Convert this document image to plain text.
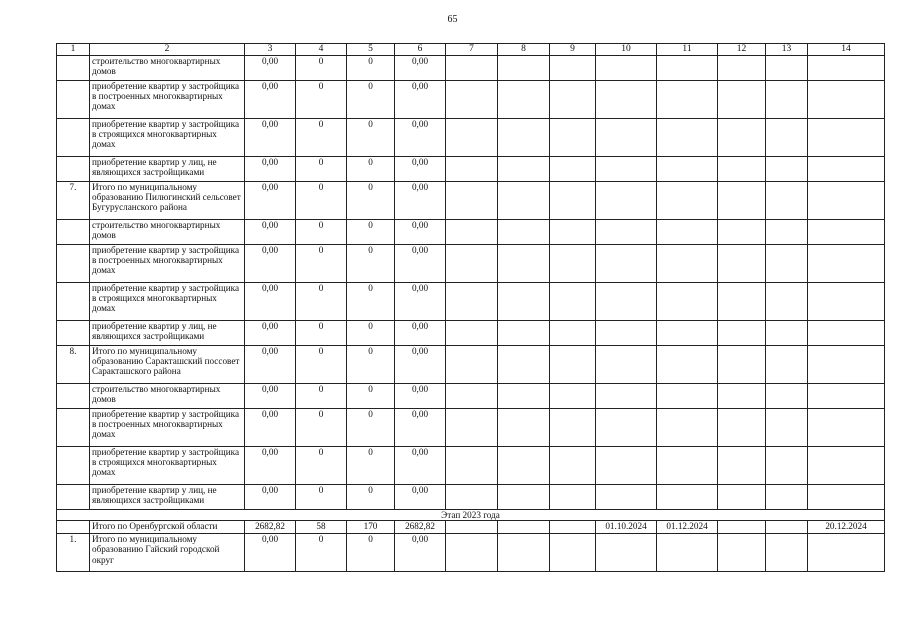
65
1	2	3	4	5	6	7	8	9	10	11	12	13	14
	строительство многоквартирных домов	0,00	0	0	0,00								
	приобретение квартир у застройщика в построенных многоквартирных домах	0,00	0	0	0,00								
	приобретение квартир у застройщика в строящихся многоквартирных домах	0,00	0	0	0,00								
	приобретение квартир у лиц, не являющихся застройщиками	0,00	0	0	0,00								
7.	Итого по муниципальному образованию Пилюгинский сельсовет Бугурусланского района	0,00	0	0	0,00								
	строительство многоквартирных домов	0,00	0	0	0,00								
	приобретение квартир у застройщика в построенных многоквартирных домах	0,00	0	0	0,00								
	приобретение квартир у застройщика в строящихся многоквартирных домах	0,00	0	0	0,00								
	приобретение квартир у лиц, не являющихся застройщиками	0,00	0	0	0,00								
8.	Итого по муниципальному образованию Саракташский поссовет Саракташского района	0,00	0	0	0,00								
	строительство многоквартирных домов	0,00	0	0	0,00								
	приобретение квартир у застройщика в построенных многоквартирных домах	0,00	0	0	0,00								
	приобретение квартир у застройщика в строящихся многоквартирных домах	0,00	0	0	0,00								
	приобретение квартир у лиц, не являющихся застройщиками	0,00	0	0	0,00								
Этап 2023 года													
	Итого по Оренбургской области	2682,82	58	170	2682,82				01.10.2024	01.12.2024			20.12.2024
1.	Итого по муниципальному образованию Гайский городской округ	0,00	0	0	0,00								
